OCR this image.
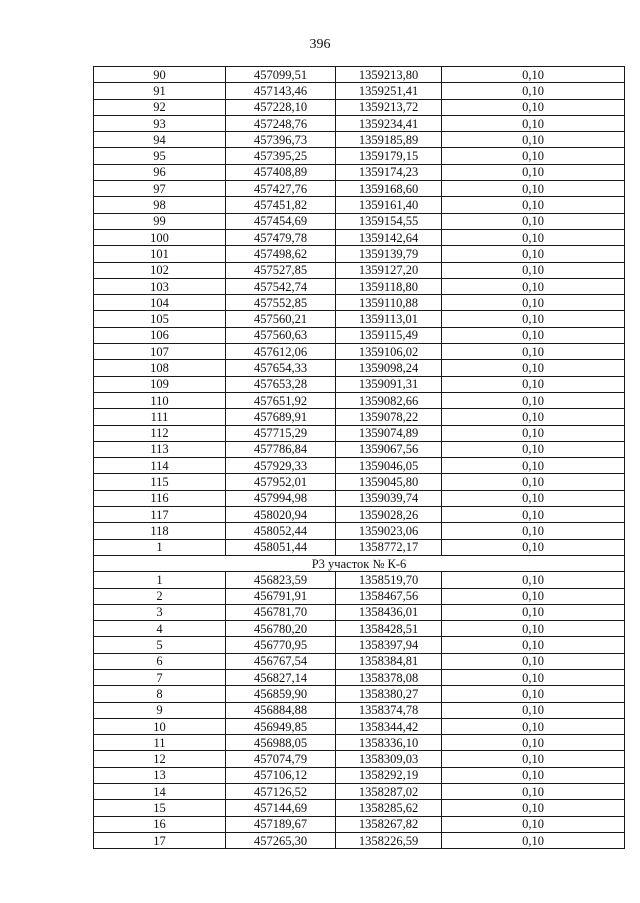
396
90	457099,51	1359213,80	0,10
91	457143,46	1359251,41	0,10
92	457228,10	1359213,72	0,10
93	457248,76	1359234,41	0,10
94	457396,73	1359185,89	0,10
95	457395,25	1359179,15	0,10
96	457408,89	1359174,23	0,10
97	457427,76	1359168,60	0,10
98	457451,82	1359161,40	0,10
99	457454,69	1359154,55	0,10
100	457479,78	1359142,64	0,10
101	457498,62	1359139,79	0,10
102	457527,85	1359127,20	0,10
103	457542,74	1359118,80	0,10
104	457552,85	1359110,88	0,10
105	457560,21	1359113,01	0,10
106	457560,63	1359115,49	0,10
107	457612,06	1359106,02	0,10
108	457654,33	1359098,24	0,10
109	457653,28	1359091,31	0,10
110	457651,92	1359082,66	0,10
111	457689,91	1359078,22	0,10
112	457715,29	1359074,89	0,10
113	457786,84	1359067,56	0,10
114	457929,33	1359046,05	0,10
115	457952,01	1359045,80	0,10
116	457994,98	1359039,74	0,10
117	458020,94	1359028,26	0,10
118	458052,44	1359023,06	0,10
1	458051,44	1358772,17	0,10
Р3 участок № К-6			
1	456823,59	1358519,70	0,10
2	456791,91	1358467,56	0,10
3	456781,70	1358436,01	0,10
4	456780,20	1358428,51	0,10
5	456770,95	1358397,94	0,10
6	456767,54	1358384,81	0,10
7	456827,14	1358378,08	0,10
8	456859,90	1358380,27	0,10
9	456884,88	1358374,78	0,10
10	456949,85	1358344,42	0,10
11	456988,05	1358336,10	0,10
12	457074,79	1358309,03	0,10
13	457106,12	1358292,19	0,10
14	457126,52	1358287,02	0,10
15	457144,69	1358285,62	0,10
16	457189,67	1358267,82	0,10
17	457265,30	1358226,59	0,10
